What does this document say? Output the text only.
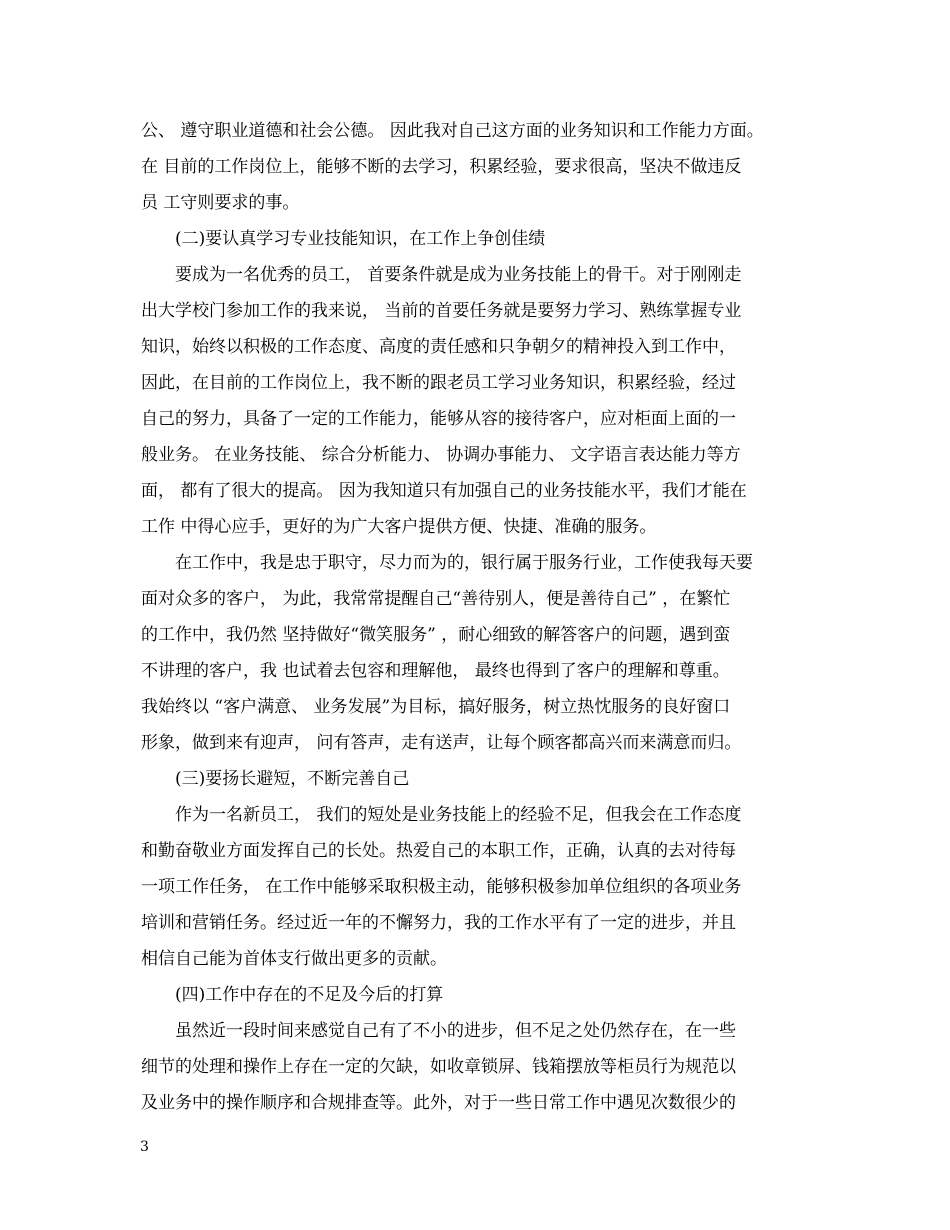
公、 遵守职业道德和社会公德。 因此我对自己这方面的业务知识和工作能力方面。
在 目前的工作岗位上，能够不断的去学习，积累经验，要求很高，坚决不做违反
员 工守则要求的事。
(二)要认真学习专业技能知识，在工作上争创佳绩
要成为一名优秀的员工， 首要条件就是成为业务技能上的骨干。对于刚刚走
出大学校门参加工作的我来说， 当前的首要任务就是要努力学习、熟练掌握专业
知识，始终以积极的工作态度、高度的责任感和只争朝夕的精神投入到工作中，
因此，在目前的工作岗位上，我不断的跟老员工学习业务知识，积累经验，经过
自己的努力，具备了一定的工作能力，能够从容的接待客户，应对柜面上面的一
般业务。 在业务技能、 综合分析能力、 协调办事能力、 文字语言表达能力等方
面， 都有了很大的提高。 因为我知道只有加强自己的业务技能水平，我们才能在
工作 中得心应手，更好的为广大客户提供方便、快捷、准确的服务。
在工作中，我是忠于职守，尽力而为的，银行属于服务行业，工作使我每天要
面对众多的客户， 为此，我常常提醒自己“善待别人，便是善待自己” ，在繁忙
的工作中，我仍然 坚持做好“微笑服务” ，耐心细致的解答客户的问题，遇到蛮
不讲理的客户，我 也试着去包容和理解他， 最终也得到了客户的理解和尊重。
我始终以 “客户满意、 业务发展”为目标，搞好服务，树立热忱服务的良好窗口
形象，做到来有迎声， 问有答声，走有送声，让每个顾客都高兴而来满意而归。
(三)要扬长避短，不断完善自己
作为一名新员工， 我们的短处是业务技能上的经验不足，但我会在工作态度
和勤奋敬业方面发挥自己的长处。热爱自己的本职工作，正确，认真的去对待每
一项工作任务， 在工作中能够采取积极主动，能够积极参加单位组织的各项业务
培训和营销任务。经过近一年的不懈努力，我的工作水平有了一定的进步，并且
相信自己能为首体支行做出更多的贡献。
(四)工作中存在的不足及今后的打算
虽然近一段时间来感觉自己有了不小的进步，但不足之处仍然存在，在一些
细节的处理和操作上存在一定的欠缺，如收章锁屏、钱箱摆放等柜员行为规范以
及业务中的操作顺序和合规排查等。此外，对于一些日常工作中遇见次数很少的
3
